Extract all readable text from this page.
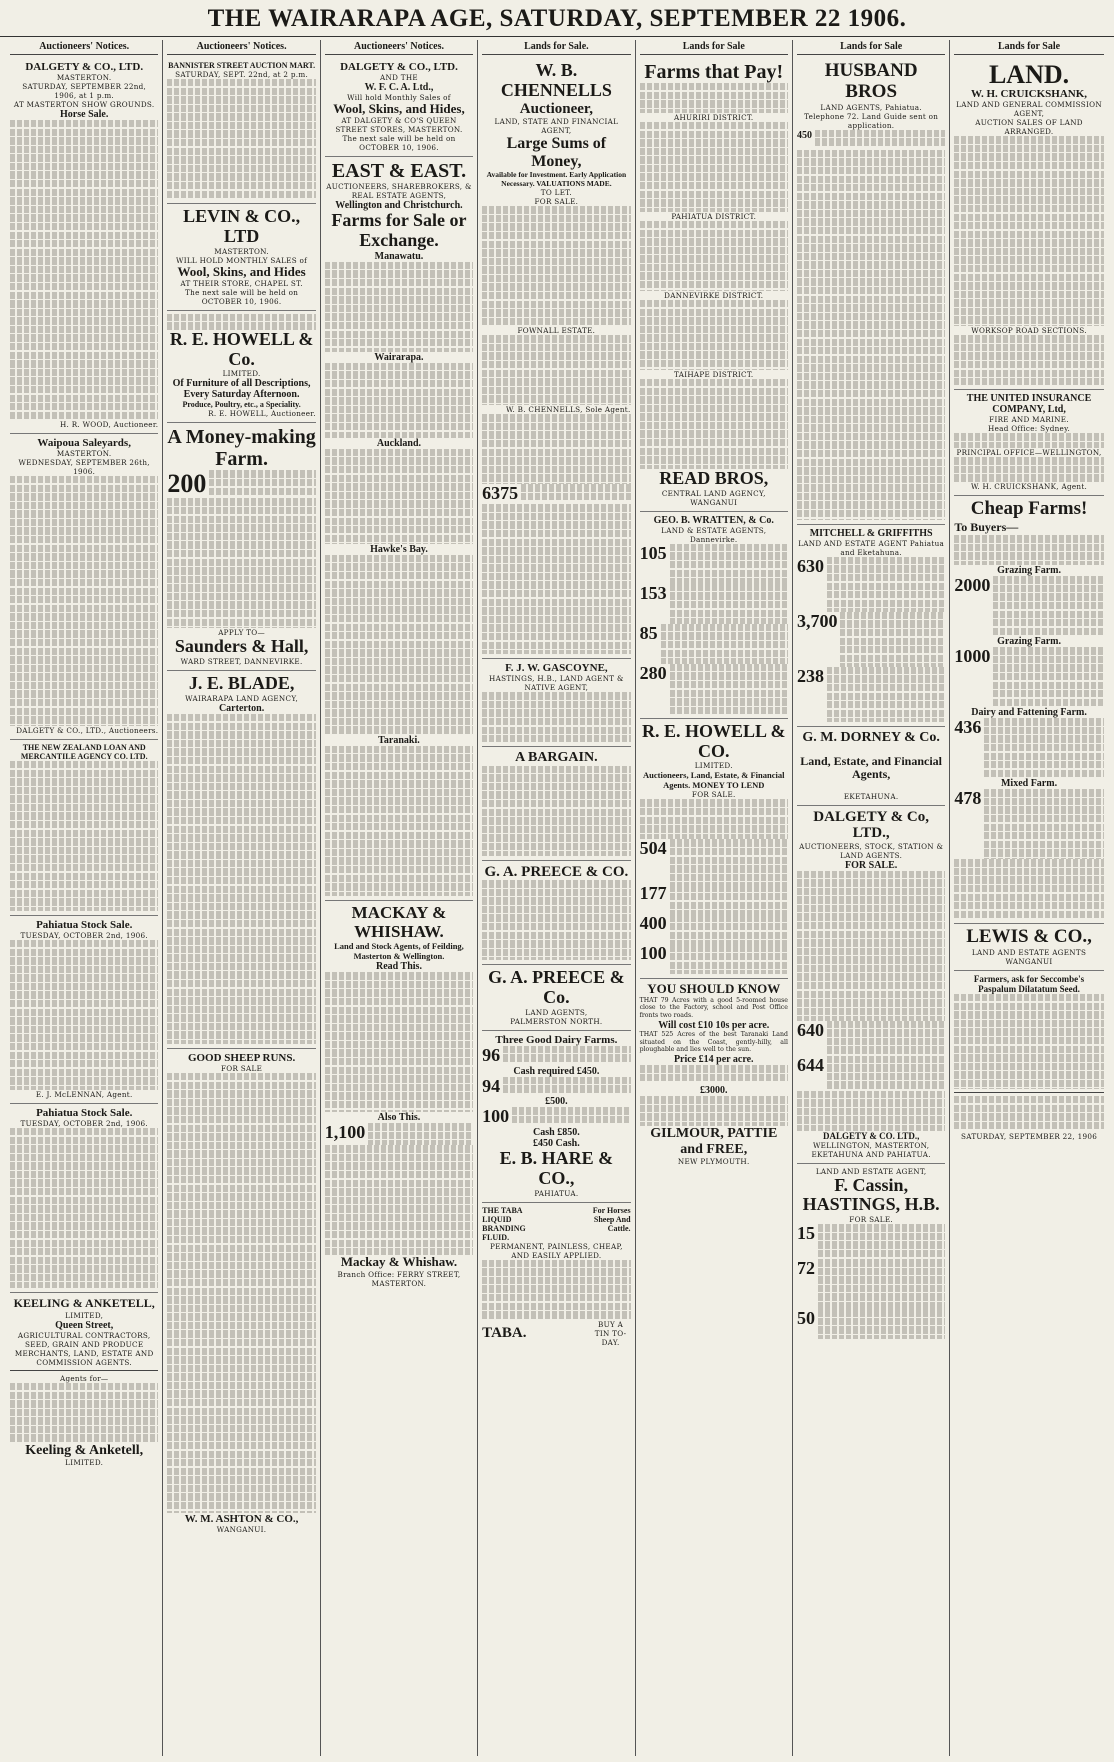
THE WAIRARAPA AGE, SATURDAY, SEPTEMBER 22 1906.
Auctioneers' Notices.
DALGETY & CO., LTD.
MASTERTON.
SATURDAY, SEPTEMBER 22nd, 1906, at 1 p.m.
AT MASTERTON SHOW GROUNDS.
Horse Sale.
H. R. WOOD, Auctioneer.
Waipoua Saleyards,
MASTERTON.
WEDNESDAY, SEPTEMBER 26th, 1906.
DALGETY & CO., LTD., Auctioneers.
THE NEW ZEALAND LOAN AND MERCANTILE AGENCY CO. LTD.
Pahiatua Stock Sale.
TUESDAY, OCTOBER 2nd, 1906.
E. J. McLENNAN, Agent.
Pahiatua Stock Sale.
TUESDAY, OCTOBER 2nd, 1906.
KEELING & ANKETELL,
LIMITED,
Queen Street,
AGRICULTURAL CONTRACTORS, SEED, GRAIN AND PRODUCE MERCHANTS, LAND, ESTATE AND COMMISSION AGENTS.
Agents for—
Keeling & Anketell,
LIMITED.
Auctioneers' Notices.
BANNISTER STREET AUCTION MART.
SATURDAY, SEPT. 22nd, at 2 p.m.
LEVIN & CO., LTD
MASTERTON.
WILL HOLD MONTHLY SALES of
Wool, Skins, and Hides
AT THEIR STORE, CHAPEL ST.
The next sale will be held on OCTOBER 10, 1906.
R. E. HOWELL & Co.
LIMITED.
Of Furniture of all Descriptions,
Every Saturday Afternoon.
Produce, Poultry, etc., a Speciality.
R. E. HOWELL, Auctioneer.
A Money-making Farm.
200
APPLY TO—
Saunders & Hall,
WARD STREET, DANNEVIRKE.
J. E. BLADE,
WAIRARAPA LAND AGENCY,
Carterton.
GOOD SHEEP RUNS.
FOR SALE
W. M. ASHTON & CO.,
WANGANUI.
Auctioneers' Notices.
DALGETY & CO., LTD.
AND THE
W. F. C. A. Ltd.,
Will hold Monthly Sales of
Wool, Skins, and Hides,
AT DALGETY & CO'S QUEEN STREET STORES, MASTERTON.
The next sale will be held on OCTOBER 10, 1906.
EAST & EAST.
AUCTIONEERS, SHAREBROKERS, & REAL ESTATE AGENTS,
Wellington and Christchurch.
Farms for Sale or Exchange.
Manawatu.
Wairarapa.
Auckland.
Hawke's Bay.
Taranaki.
MACKAY & WHISHAW.
Land and Stock Agents, of Feilding, Masterton & Wellington.
Read This.
Also This.
1,100
Mackay & Whishaw.
Branch Office: FERRY STREET, MASTERTON.
Lands for Sale.
W. B. CHENNELLS
Auctioneer,
LAND, STATE AND FINANCIAL AGENT,
Large Sums of Money,
Available for Investment. Early Application Necessary. VALUATIONS MADE.
TO LET.
FOR SALE.
FOWNALL ESTATE.
W. B. CHENNELLS, Sole Agent.
6375
F. J. W. GASCOYNE,
HASTINGS, H.B., LAND AGENT & NATIVE AGENT,
A BARGAIN.
G. A. PREECE & CO.
G. A. PREECE & Co.
LAND AGENTS,
PALMERSTON NORTH.
Three Good Dairy Farms.
96
Cash required £450.
94
£500.
100
Cash £850.
£450 Cash.
E. B. HARE & CO.,
PAHIATUA.
THE TABA LIQUID BRANDING FLUID.
For Horses Sheep And Cattle.
PERMANENT, PAINLESS, CHEAP, AND EASILY APPLIED.
TABA.
BUY A TIN TO-DAY.
Lands for Sale
Farms that Pay!
AHURIRI DISTRICT.
PAHIATUA DISTRICT.
DANNEVIRKE DISTRICT.
TAIHAPE DISTRICT.
READ BROS,
CENTRAL LAND AGENCY, WANGANUI
GEO. B. WRATTEN, & Co.
LAND & ESTATE AGENTS, Dannevirke.
105
153
85
280
R. E. HOWELL & CO.
LIMITED.
Auctioneers, Land, Estate, & Financial Agents. MONEY TO LEND
FOR SALE.
504
177
400
100
YOU SHOULD KNOW
THAT 79 Acres with a good 5-roomed house close to the Factory, school and Post Office fronts two roads.
Will cost £10 10s per acre.
THAT 525 Acres of the best Taranaki Land situated on the Coast, gently-hilly, all ploughable and lies well to the sun.
Price £14 per acre.
£3000.
GILMOUR, PATTIE and FREE,
NEW PLYMOUTH.
Lands for Sale
HUSBAND BROS
LAND AGENTS, Pahiatua.
Telephone 72. Land Guide sent on application.
450
MITCHELL & GRIFFITHS
LAND AND ESTATE AGENT Pahiatua and Eketahuna.
630
3,700
238
G. M. DORNEY & Co.
Land, Estate, and Financial Agents,
EKETAHUNA.
DALGETY & Co, LTD.,
AUCTIONEERS, STOCK, STATION & LAND AGENTS.
FOR SALE.
640
644
DALGETY & CO. LTD.,
WELLINGTON, MASTERTON, EKETAHUNA AND PAHIATUA.
LAND AND ESTATE AGENT,
F. Cassin,
HASTINGS, H.B.
FOR SALE.
15
72
50
Lands for Sale
LAND.
W. H. CRUICKSHANK,
LAND AND GENERAL COMMISSION AGENT,
AUCTION SALES OF LAND ARRANGED.
WORKSOP ROAD SECTIONS.
THE UNITED INSURANCE COMPANY, Ltd,
FIRE AND MARINE.
Head Office: Sydney.
PRINCIPAL OFFICE—WELLINGTON,
W. H. CRUICKSHANK, Agent.
Cheap Farms!
To Buyers—
Grazing Farm.
2000
Grazing Farm.
1000
Dairy and Fattening Farm.
436
Mixed Farm.
478
LEWIS & CO.,
LAND AND ESTATE AGENTS
WANGANUI
Farmers, ask for Seccombe's Paspalum Dilatatum Seed.
SATURDAY, SEPTEMBER 22, 1906
